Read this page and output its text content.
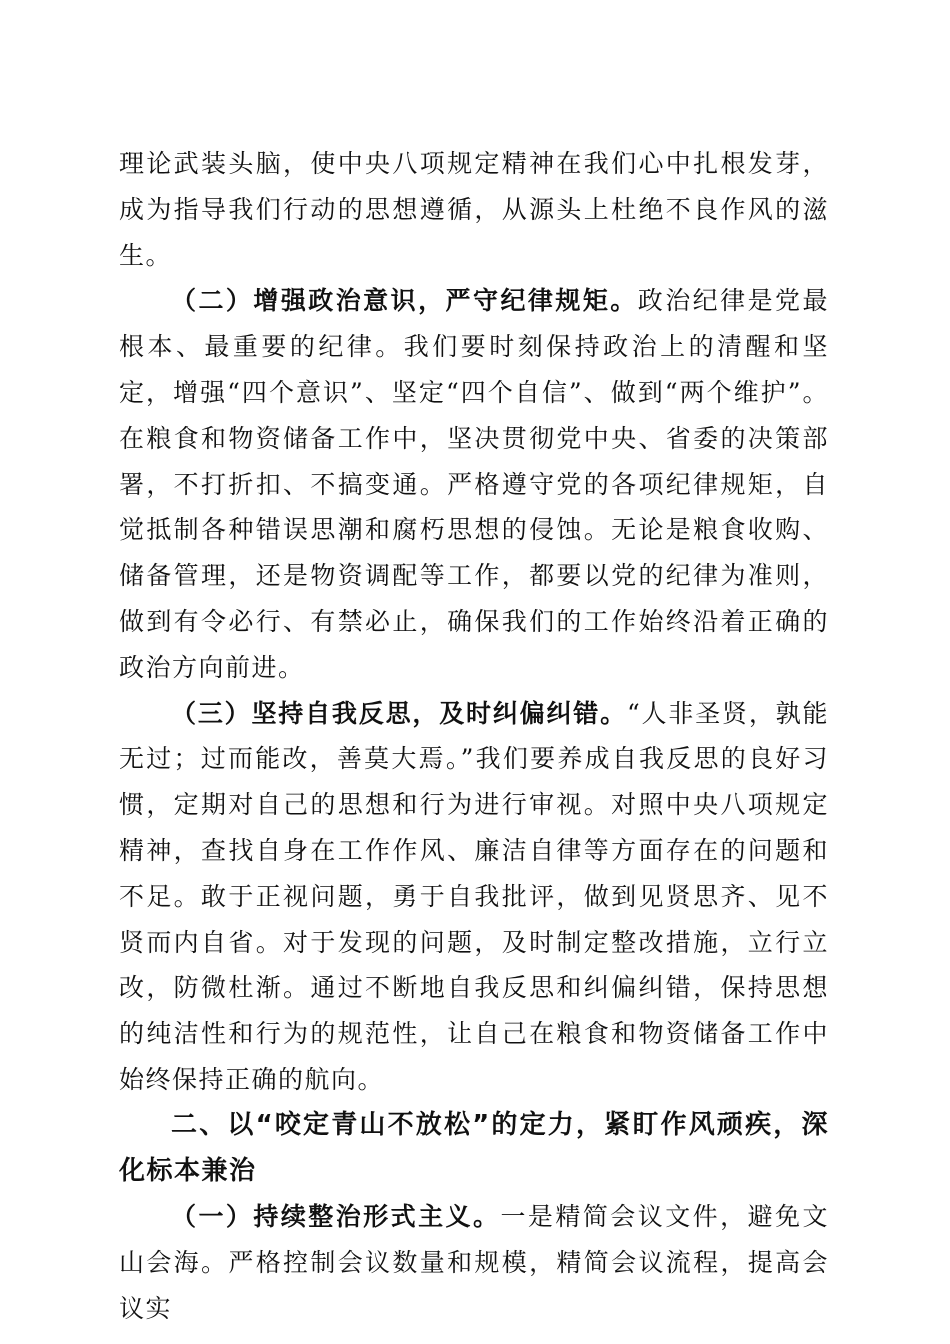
理论武装头脑，使中央八项规定精神在我们心中扎根发芽，成为指导我们行动的思想遵循，从源头上杜绝不良作风的滋生。

（二）增强政治意识，严守纪律规矩。政治纪律是党最根本、最重要的纪律。我们要时刻保持政治上的清醒和坚定，增强“四个意识”、坚定“四个自信”、做到“两个维护”。在粮食和物资储备工作中，坚决贯彻党中央、省委的决策部署，不打折扣、不搞变通。严格遵守党的各项纪律规矩，自觉抵制各种错误思潮和腐朽思想的侵蚀。无论是粮食收购、储备管理，还是物资调配等工作，都要以党的纪律为准则，做到有令必行、有禁必止，确保我们的工作始终沿着正确的政治方向前进。

（三）坚持自我反思，及时纠偏纠错。“人非圣贤，孰能无过；过而能改，善莫大焉。”我们要养成自我反思的良好习惯，定期对自己的思想和行为进行审视。对照中央八项规定精神，查找自身在工作作风、廉洁自律等方面存在的问题和不足。敢于正视问题，勇于自我批评，做到见贤思齐、见不贤而内自省。对于发现的问题，及时制定整改措施，立行立改，防微杜渐。通过不断地自我反思和纠偏纠错，保持思想的纯洁性和行为的规范性，让自己在粮食和物资储备工作中始终保持正确的航向。

二、以“咬定青山不放松”的定力，紧盯作风顽疾，深化标本兼治

（一）持续整治形式主义。一是精简会议文件，避免文山会海。严格控制会议数量和规模，精简会议流程，提高会议实
